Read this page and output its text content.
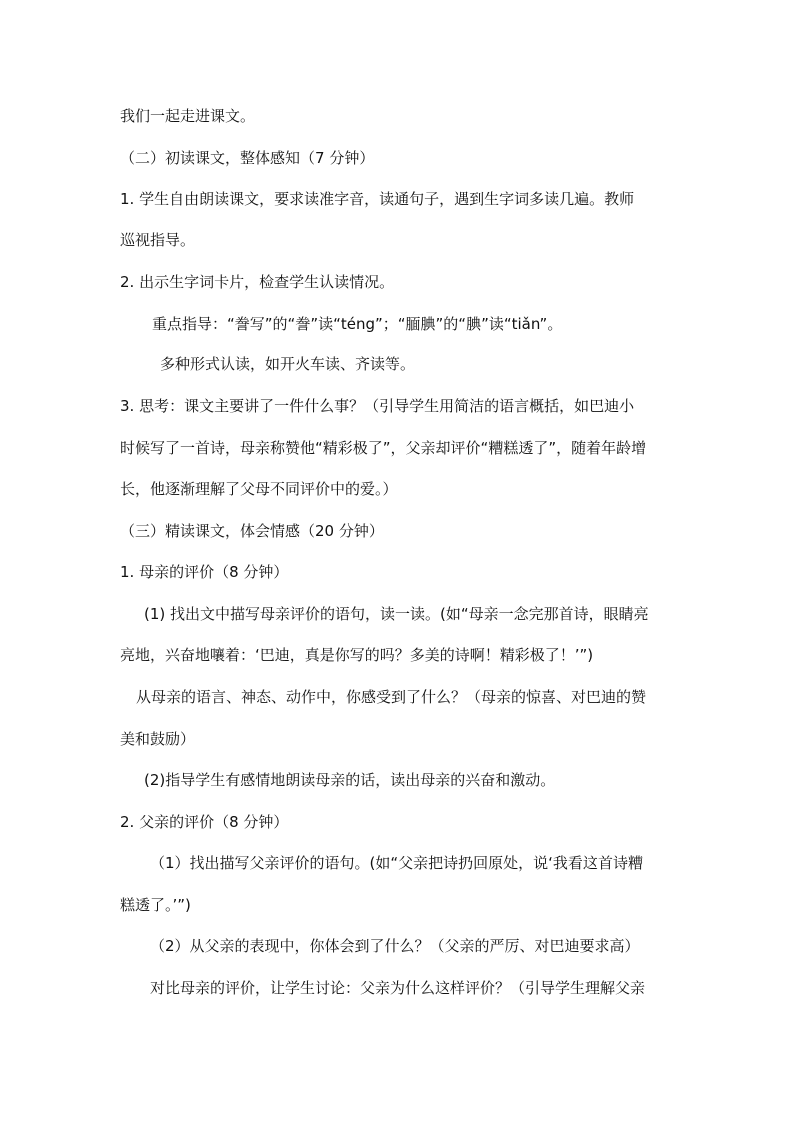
我们一起走进课文。
（二）初读课文，整体感知（7 分钟）
1. 学生自由朗读课文，要求读准字音，读通句子，遇到生字词多读几遍。教师
巡视指导。
2. 出示生字词卡片，检查学生认读情况。
重点指导：“誊写”的“誊”读“téng”；“腼腆”的“腆”读“tiǎn”。
多种形式认读，如开火车读、齐读等。
3. 思考：课文主要讲了一件什么事？（引导学生用简洁的语言概括，如巴迪小
时候写了一首诗，母亲称赞他“精彩极了”，父亲却评价“糟糕透了”，随着年龄增
长，他逐渐理解了父母不同评价中的爱。）
（三）精读课文，体会情感（20 分钟）
1. 母亲的评价（8 分钟）
(1) 找出文中描写母亲评价的语句，读一读。(如“母亲一念完那首诗，眼睛亮
亮地，兴奋地嚷着：‘巴迪，真是你写的吗？多美的诗啊！精彩极了！’”)
从母亲的语言、神态、动作中，你感受到了什么？（母亲的惊喜、对巴迪的赞
美和鼓励）
(2)指导学生有感情地朗读母亲的话，读出母亲的兴奋和激动。
2. 父亲的评价（8 分钟）
（1）找出描写父亲评价的语句。(如“父亲把诗扔回原处，说‘我看这首诗糟
糕透了。’”)
（2）从父亲的表现中，你体会到了什么？（父亲的严厉、对巴迪要求高）
对比母亲的评价，让学生讨论：父亲为什么这样评价？（引导学生理解父亲
